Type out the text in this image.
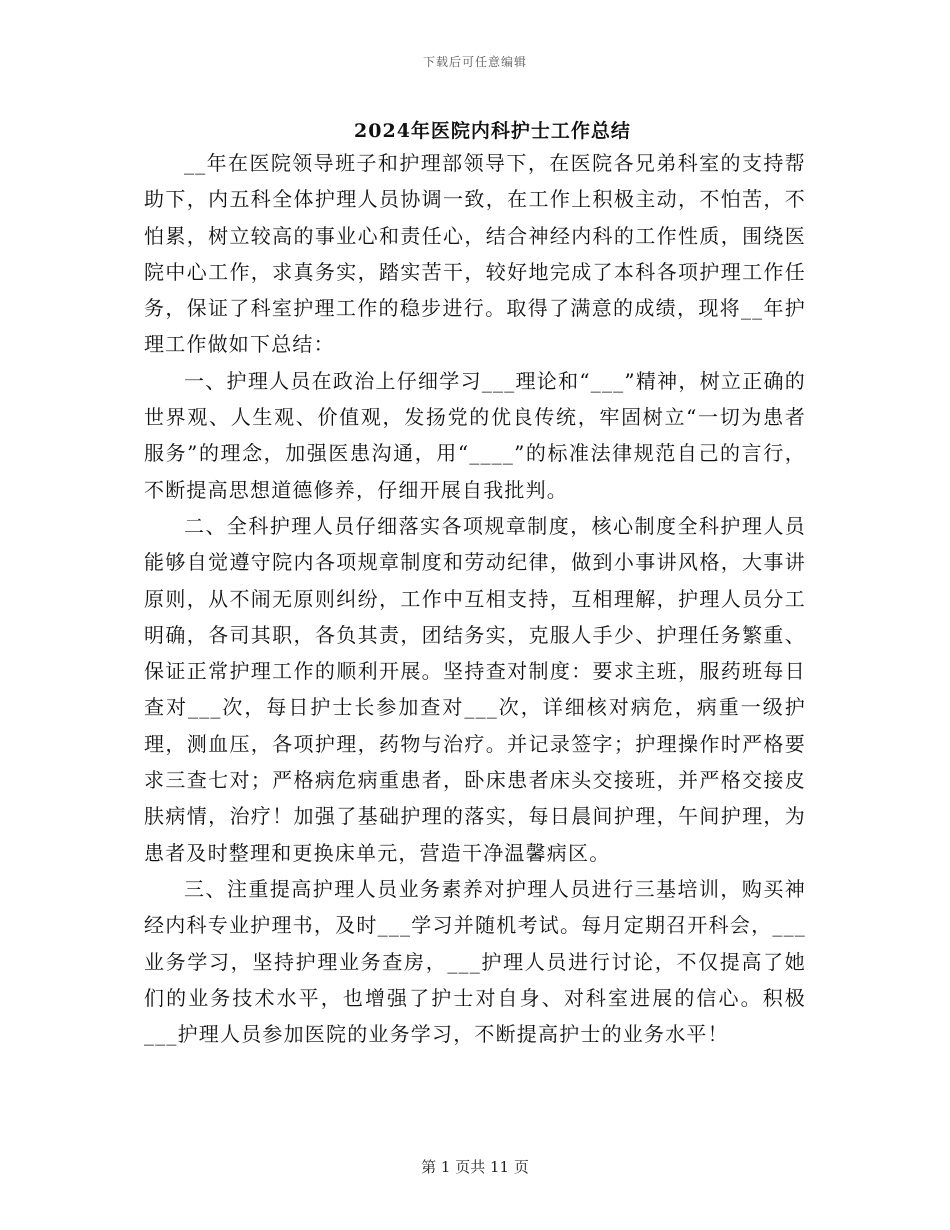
下载后可任意编辑
2024年医院内科护士工作总结

__年在医院领导班子和护理部领导下，在医院各兄弟科室的支持帮助下，内五科全体护理人员协调一致，在工作上积极主动，不怕苦，不怕累，树立较高的事业心和责任心，结合神经内科的工作性质，围绕医院中心工作，求真务实，踏实苦干，较好地完成了本科各项护理工作任务，保证了科室护理工作的稳步进行。取得了满意的成绩，现将__年护理工作做如下总结：

一、护理人员在政治上仔细学习___理论和“___”精神，树立正确的世界观、人生观、价值观，发扬党的优良传统，牢固树立“一切为患者服务”的理念，加强医患沟通，用“____”的标准法律规范自己的言行，不断提高思想道德修养，仔细开展自我批判。

二、全科护理人员仔细落实各项规章制度，核心制度全科护理人员能够自觉遵守院内各项规章制度和劳动纪律，做到小事讲风格，大事讲原则，从不闹无原则纠纷，工作中互相支持，互相理解，护理人员分工明确，各司其职，各负其责，团结务实，克服人手少、护理任务繁重、保证正常护理工作的顺利开展。坚持查对制度：要求主班，服药班每日查对___次，每日护士长参加查对___次，详细核对病危，病重一级护理，测血压，各项护理，药物与治疗。并记录签字；护理操作时严格要求三查七对；严格病危病重患者，卧床患者床头交接班，并严格交接皮肤病情，治疗！加强了基础护理的落实，每日晨间护理，午间护理，为患者及时整理和更换床单元，营造干净温馨病区。

三、注重提高护理人员业务素养对护理人员进行三基培训，购买神经内科专业护理书，及时___学习并随机考试。每月定期召开科会，___业务学习，坚持护理业务查房，___护理人员进行讨论，不仅提高了她们的业务技术水平，也增强了护士对自身、对科室进展的信心。积极___护理人员参加医院的业务学习，不断提高护士的业务水平！

第 1 页共 11 页
